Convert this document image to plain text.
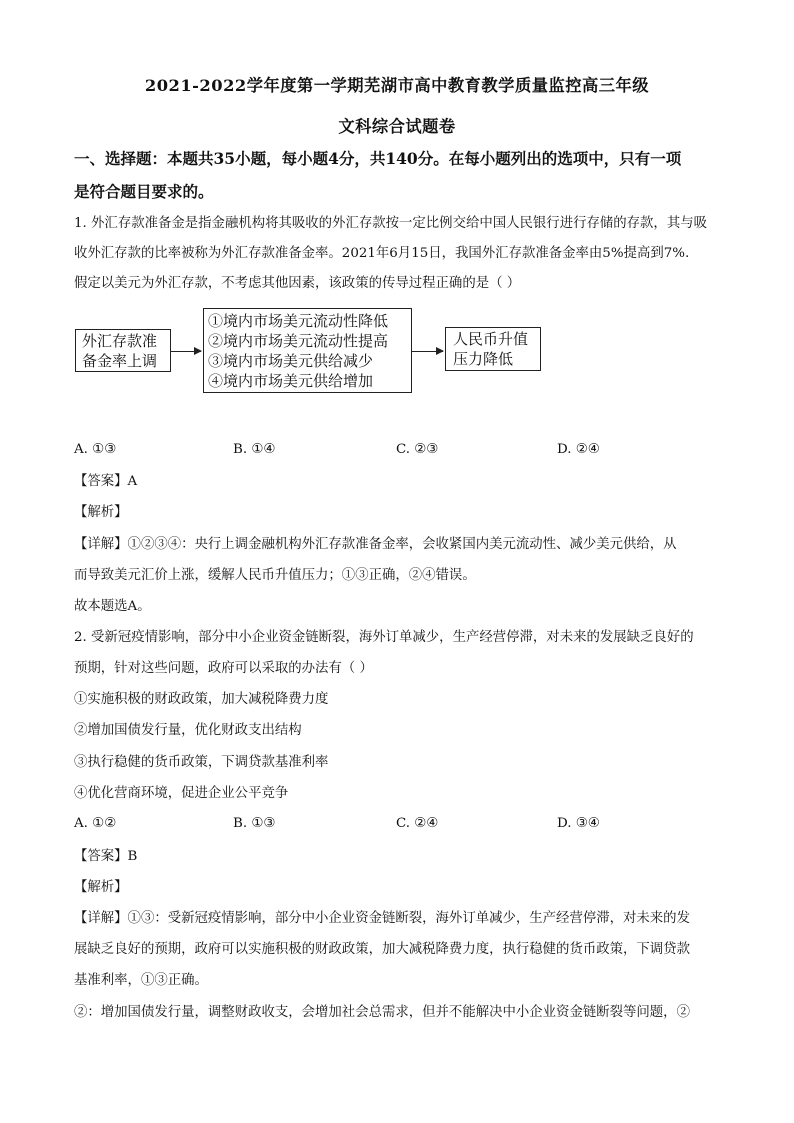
2021-2022学年度第一学期芜湖市高中教育教学质量监控高三年级
文科综合试题卷
一、选择题：本题共35小题，每小题4分，共140分。在每小题列出的选项中，只有一项
是符合题目要求的。
1. 外汇存款准备金是指金融机构将其吸收的外汇存款按一定比例交给中国人民银行进行存储的存款，其与吸
收外汇存款的比率被称为外汇存款准备金率。2021年6月15日，我国外汇存款准备金率由5%提高到7%.
假定以美元为外汇存款，不考虑其他因素，该政策的传导过程正确的是（ ）
外汇存款准
备金率上调
①境内市场美元流动性降低
②境内市场美元流动性提高
③境内市场美元供给减少
④境内市场美元供给增加
人民币升值
压力降低
A. ①③	B. ①④	C. ②③	D. ②④
【答案】A
【解析】
【详解】①②③④：央行上调金融机构外汇存款准备金率，会收紧国内美元流动性、减少美元供给，从
而导致美元汇价上涨，缓解人民币升值压力；①③正确，②④错误。
故本题选A。
2. 受新冠疫情影响，部分中小企业资金链断裂，海外订单减少，生产经营停滞，对未来的发展缺乏良好的
预期，针对这些问题，政府可以采取的办法有（ ）
①实施积极的财政政策，加大减税降费力度
②增加国债发行量，优化财政支出结构
③执行稳健的货币政策，下调贷款基准利率
④优化营商环境，促进企业公平竞争
A. ①②	B. ①③	C. ②④	D. ③④
【答案】B
【解析】
【详解】①③：受新冠疫情影响，部分中小企业资金链断裂，海外订单减少，生产经营停滞，对未来的发
展缺乏良好的预期，政府可以实施积极的财政政策，加大减税降费力度，执行稳健的货币政策，下调贷款
基准利率，①③正确。
②：增加国债发行量，调整财政收支，会增加社会总需求，但并不能解决中小企业资金链断裂等问题，②
